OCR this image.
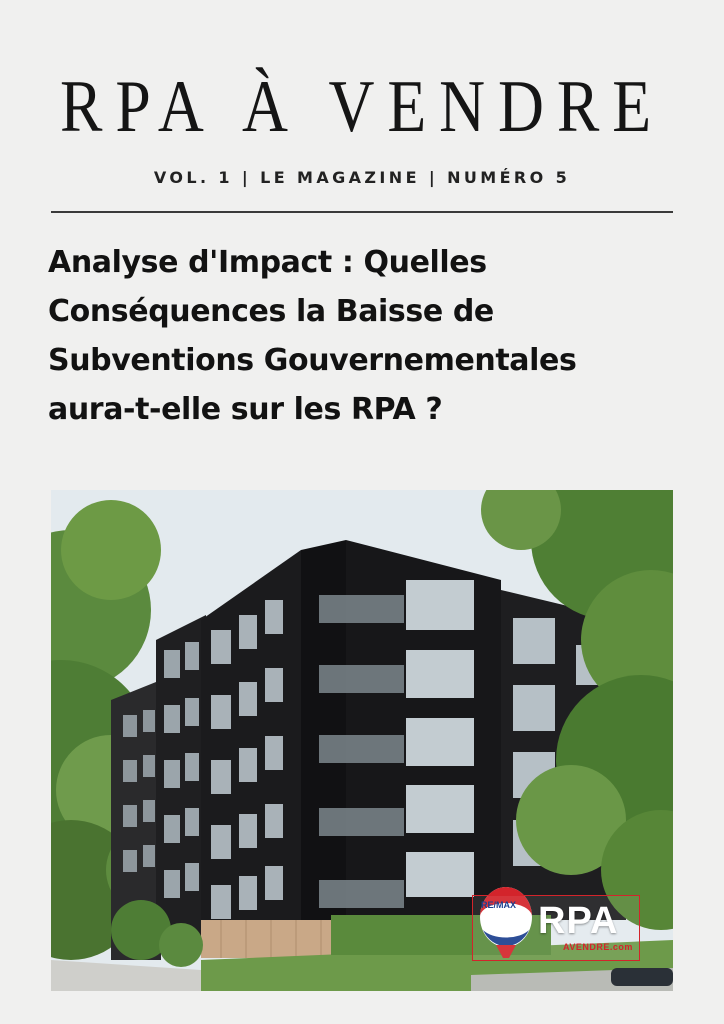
RPA À VENDRE
VOL. 1 | LE MAGAZINE | NUMÉRO 5
Analyse d'Impact : Quelles
Conséquences la Baisse de
Subventions Gouvernementales
aura-t-elle sur les RPA ?
RE/MAX RPA
AVENDRE.com
